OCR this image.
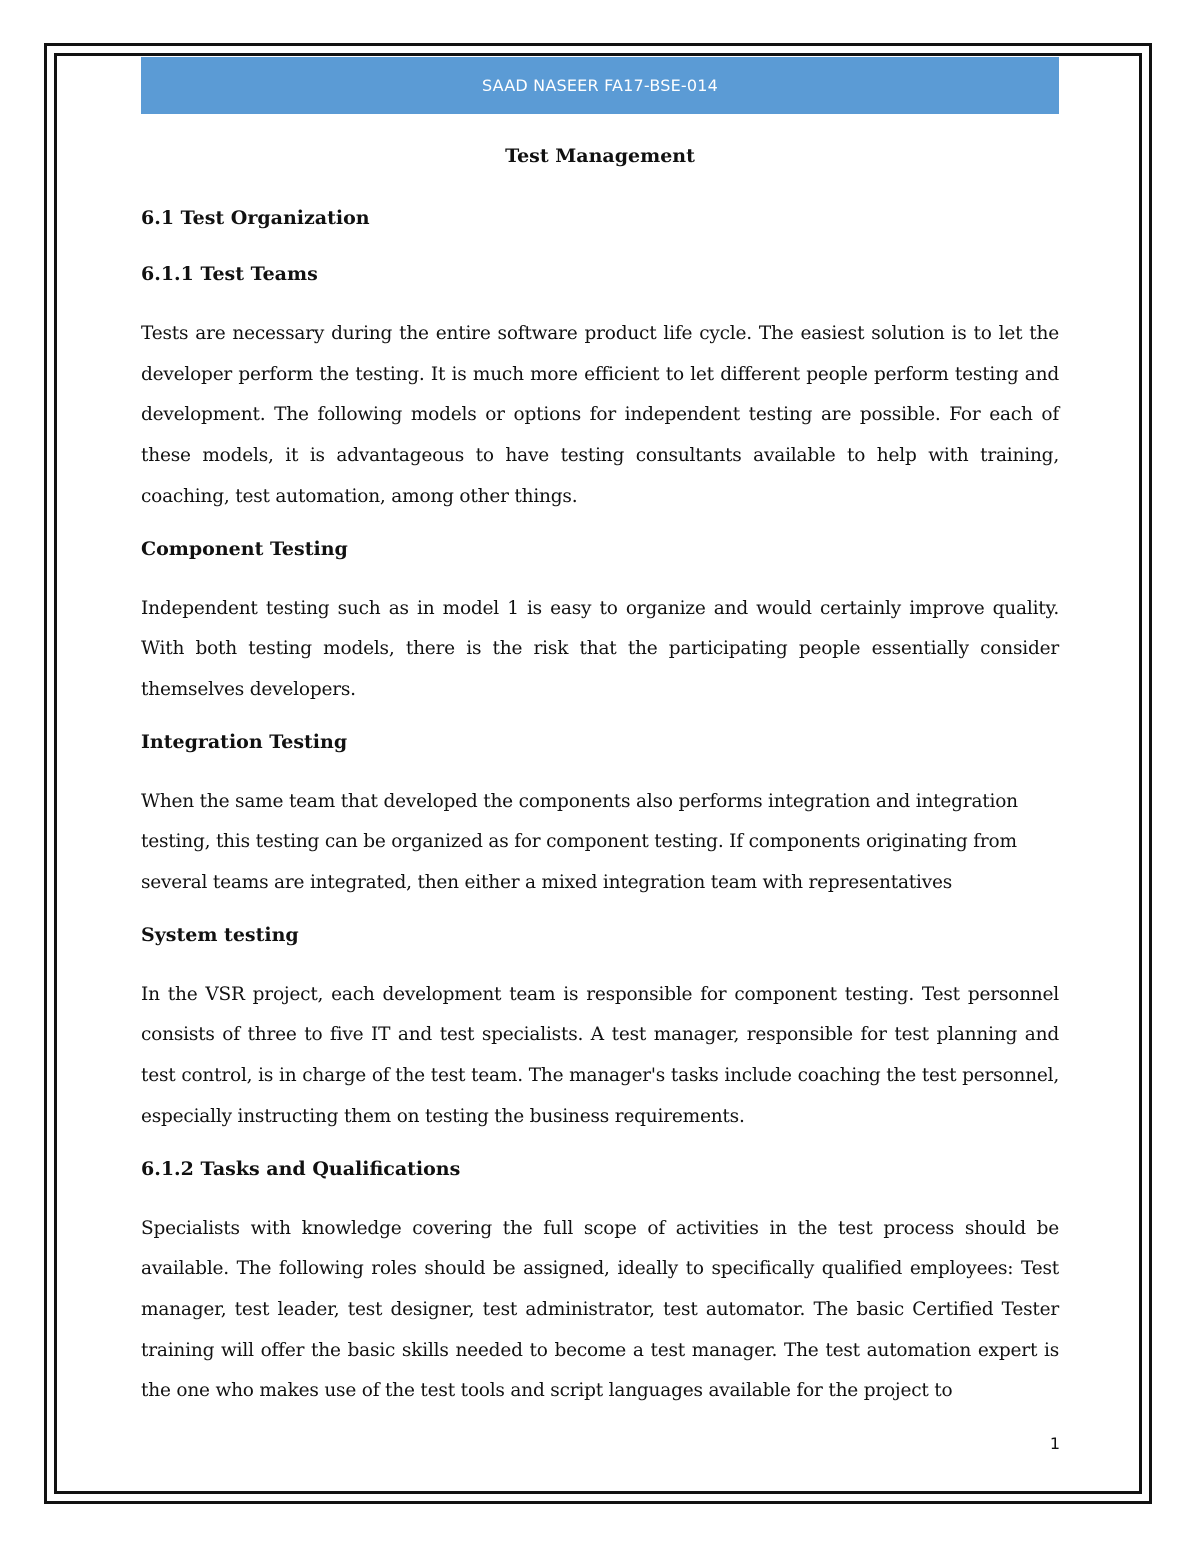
SAAD NASEER FA17-BSE-014
Test Management
6.1 Test Organization
6.1.1 Test Teams

Tests are necessary during the entire software product life cycle. The easiest solution is to let the developer perform the testing. It is much more efficient to let different people perform testing and development. The following models or options for independent testing are possible. For each of these models, it is advantageous to have testing consultants available to help with training, coaching, test automation, among other things.

Component Testing

Independent testing such as in model 1 is easy to organize and would certainly improve quality. With both testing models, there is the risk that the participating people essentially consider themselves developers.

Integration Testing

When the same team that developed the components also performs integration and integration testing, this testing can be organized as for component testing. If components originating from several teams are integrated, then either a mixed integration team with representatives

System testing

In the VSR project, each development team is responsible for component testing. Test personnel consists of three to five IT and test specialists. A test manager, responsible for test planning and test control, is in charge of the test team. The manager's tasks include coaching the test personnel, especially instructing them on testing the business requirements.

6.1.2 Tasks and Qualifications

Specialists with knowledge covering the full scope of activities in the test process should be available. The following roles should be assigned, ideally to specifically qualified employees: Test manager, test leader, test designer, test administrator, test automator. The basic Certified Tester training will offer the basic skills needed to become a test manager. The test automation expert is the one who makes use of the test tools and script languages available for the project to

1
